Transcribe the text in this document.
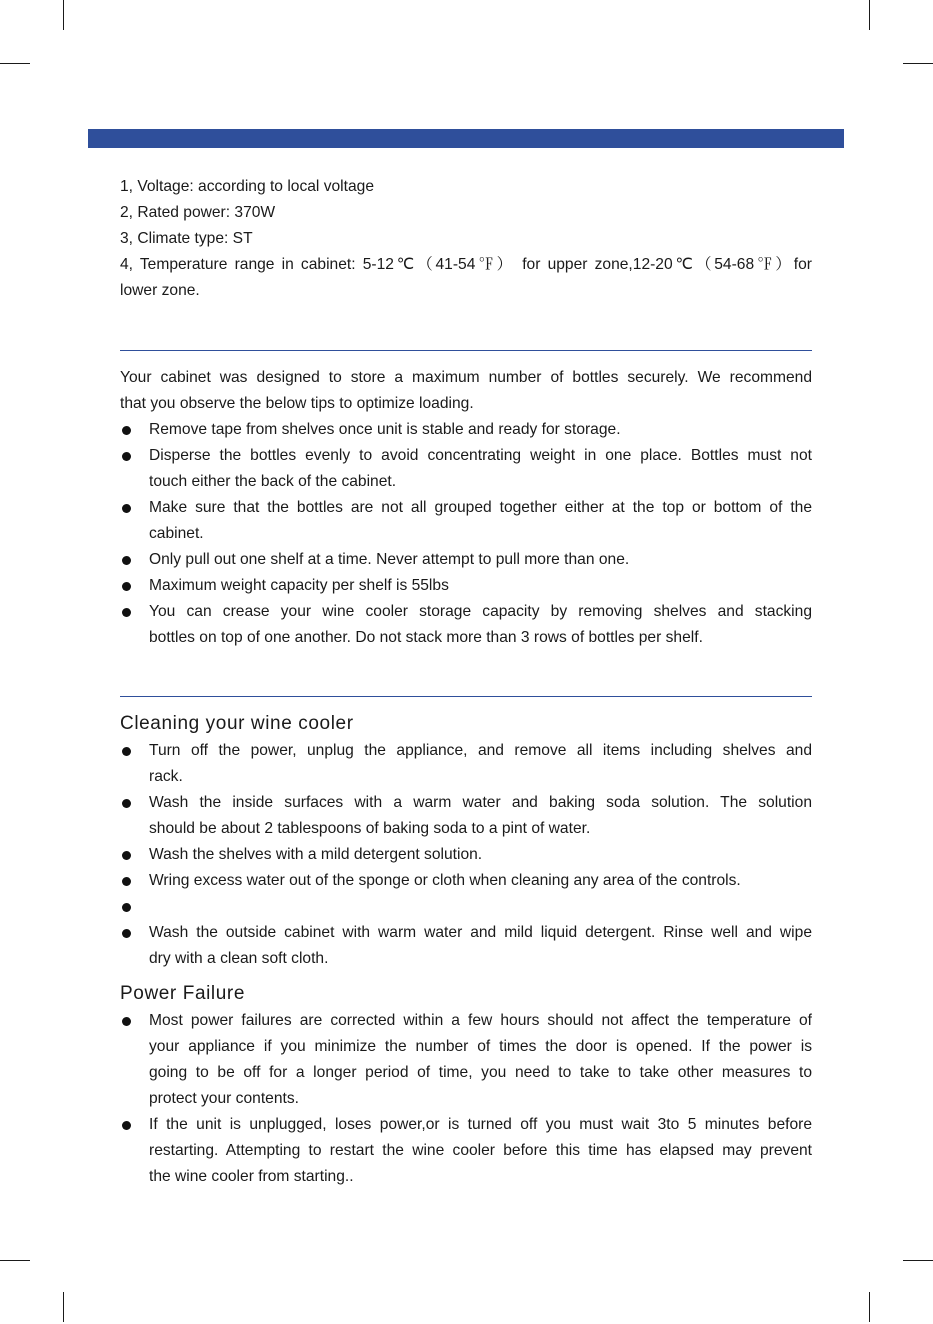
1, Voltage: according to local voltage
2, Rated power: 370W
3, Climate type: ST
4, Temperature range in cabinet: 5-12℃（41-54℉） for upper zone,12-20℃（54-68℉）for
lower zone.
Your cabinet was designed to store a maximum number of bottles securely. We recommend
that you observe the below tips to optimize loading.
Remove tape from shelves once unit is stable and ready for storage.
Disperse the bottles evenly to avoid concentrating weight in one place. Bottles must not
touch either the back of the cabinet.
Make sure that the bottles are not all grouped together either at the top or bottom of the
cabinet.
Only pull out one shelf at a time. Never attempt to pull more than one.
Maximum weight capacity per shelf is 55lbs
You can crease your wine cooler storage capacity by removing shelves and stacking
bottles on top of one another. Do not stack more than 3 rows of bottles per shelf.
Cleaning your wine cooler
Turn off the power, unplug the appliance, and remove all items including shelves and
rack.
Wash the inside surfaces with a warm water and baking soda solution. The solution
should be about 2 tablespoons of baking soda to a pint of water.
Wash the shelves with a mild detergent solution.
Wring excess water out of the sponge or cloth when cleaning any area of the controls.
Wash the outside cabinet with warm water and mild liquid detergent. Rinse well and wipe
dry with a clean soft cloth.
Power Failure
Most power failures are corrected within a few hours should not affect the temperature of
your appliance if you minimize the number of times the door is opened. If the power is
going to be off for a longer period of time, you need to take to take other measures to
protect your contents.
If the unit is unplugged, loses power,or is turned off you must wait 3to 5 minutes before
restarting. Attempting to restart the wine cooler before this time has elapsed may prevent
the wine cooler from starting..
